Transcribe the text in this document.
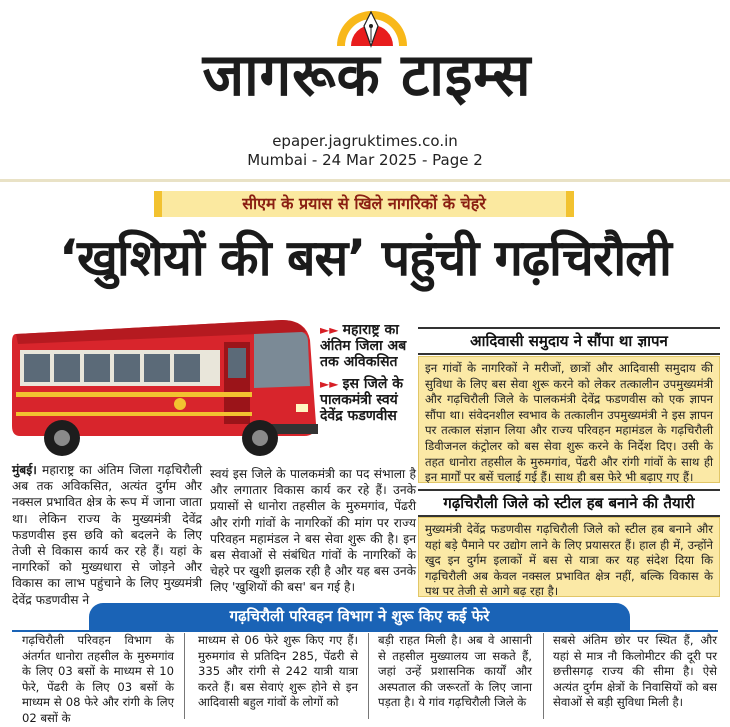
जागरूक टाइम्स
epaper.jagruktimes.co.in
Mumbai - 24 Mar 2025 - Page 2
सीएम के प्रयास से खिले नागरिकों के चेहरे
‘खुशियों की बस’ पहुंची गढ़चिरौली
►► महाराष्ट्र का अंतिम जिला अब तक अविकसित
►► इस जिले के पालकमंत्री स्वयं देवेंद्र फडणवीस
आदिवासी समुदाय ने सौंपा था ज्ञापन
इन गांवों के नागरिकों ने मरीजों, छात्रों और आदिवासी समुदाय की सुविधा के लिए बस सेवा शुरू करने को लेकर तत्कालीन उपमुख्यमंत्री और गढ़चिरौली जिले के पालकमंत्री देवेंद्र फडणवीस को एक ज्ञापन सौंपा था। संवेदनशील स्वभाव के तत्कालीन उपमुख्यमंत्री ने इस ज्ञापन पर तत्काल संज्ञान लिया और राज्य परिवहन महामंडल के गढ़चिरौली डिवीजनल कंट्रोलर को बस सेवा शुरू करने के निर्देश दिए। उसी के तहत धानोरा तहसील के मुरुमगांव, पेंढरी और रांगी गांवों के साथ ही इन मार्गों पर बसें चलाई गई हैं। साथ ही बस फेरे भी बढ़ाए गए हैं।
गढ़चिरौली जिले को स्टील हब बनाने की तैयारी
मुख्यमंत्री देवेंद्र फडणवीस गढ़चिरौली जिले को स्टील हब बनाने और यहां बड़े पैमाने पर उद्योग लाने के लिए प्रयासरत हैं। हाल ही में, उन्होंने खुद इन दुर्गम इलाकों में बस से यात्रा कर यह संदेश दिया कि गढ़चिरौली अब केवल नक्सल प्रभावित क्षेत्र नहीं, बल्कि विकास के पथ पर तेजी से आगे बढ़ रहा है।
मुंबई। महाराष्ट्र का अंतिम जिला गढ़चिरौली अब तक अविकसित, अत्यंत दुर्गम और नक्सल प्रभावित क्षेत्र के रूप में जाना जाता था। लेकिन राज्य के मुख्यमंत्री देवेंद्र फडणवीस इस छवि को बदलने के लिए तेजी से विकास कार्य कर रहे हैं। यहां के नागरिकों को मुख्यधारा से जोड़ने और विकास का लाभ पहुंचाने के लिए मुख्यमंत्री देवेंद्र फडणवीस ने
स्वयं इस जिले के पालकमंत्री का पद संभाला है और लगातार विकास कार्य कर रहे हैं। उनके प्रयासों से धानोरा तहसील के मुरुमगांव, पेंढरी और रांगी गांवों के नागरिकों की मांग पर राज्य परिवहन महामंडल ने बस सेवा शुरू की है। इन बस सेवाओं से संबंधित गांवों के नागरिकों के चेहरे पर खुशी झलक रही है और यह बस उनके लिए 'खुशियों की बस' बन गई है।
गढ़चिरौली परिवहन विभाग ने शुरू किए कई फेरे
गढ़चिरौली परिवहन विभाग के अंतर्गत धानोरा तहसील के मुरुमगांव के लिए 03 बसों के माध्यम से 10 फेरे, पेंढरी के लिए 03 बसों के माध्यम से 08 फेरे और रांगी के लिए 02 बसों के
माध्यम से 06 फेरे शुरू किए गए हैं। मुरुमगांव से प्रतिदिन 285, पेंढरी से 335 और रांगी से 242 यात्री यात्रा करते हैं। बस सेवाएं शुरू होने से इन आदिवासी बहुल गांवों के लोगों को
बड़ी राहत मिली है। अब वे आसानी से तहसील मुख्यालय जा सकते हैं, जहां उन्हें प्रशासनिक कार्यों और अस्पताल की जरूरतों के लिए जाना पड़ता है। ये गांव गढ़चिरौली जिले के
सबसे अंतिम छोर पर स्थित हैं, और यहां से मात्र नौ किलोमीटर की दूरी पर छत्तीसगढ़ राज्य की सीमा है। ऐसे अत्यंत दुर्गम क्षेत्रों के निवासियों को बस सेवाओं से बड़ी सुविधा मिली है।
